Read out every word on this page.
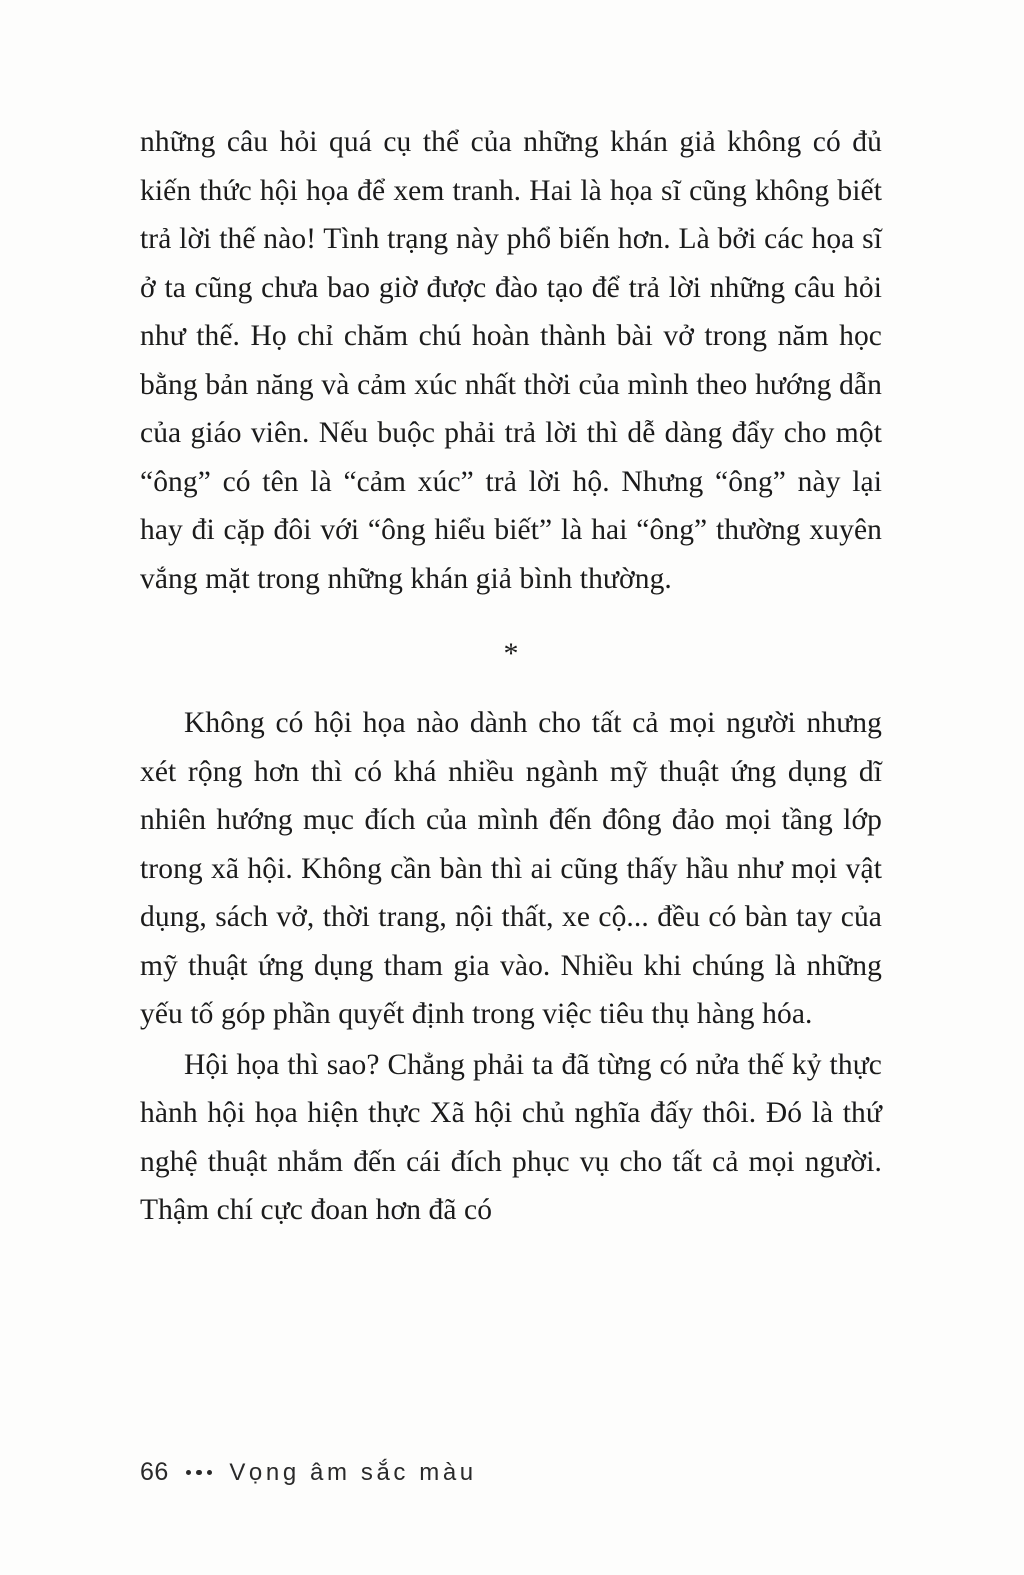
những câu hỏi quá cụ thể của những khán giả không có đủ kiến thức hội họa để xem tranh. Hai là họa sĩ cũng không biết trả lời thế nào! Tình trạng này phổ biến hơn. Là bởi các họa sĩ ở ta cũng chưa bao giờ được đào tạo để trả lời những câu hỏi như thế. Họ chỉ chăm chú hoàn thành bài vở trong năm học bằng bản năng và cảm xúc nhất thời của mình theo hướng dẫn của giáo viên. Nếu buộc phải trả lời thì dễ dàng đẩy cho một “ông” có tên là “cảm xúc” trả lời hộ. Nhưng “ông” này lại hay đi cặp đôi với “ông hiểu biết” là hai “ông” thường xuyên vắng mặt trong những khán giả bình thường.

*

Không có hội họa nào dành cho tất cả mọi người nhưng xét rộng hơn thì có khá nhiều ngành mỹ thuật ứng dụng dĩ nhiên hướng mục đích của mình đến đông đảo mọi tầng lớp trong xã hội. Không cần bàn thì ai cũng thấy hầu như mọi vật dụng, sách vở, thời trang, nội thất, xe cộ... đều có bàn tay của mỹ thuật ứng dụng tham gia vào. Nhiều khi chúng là những yếu tố góp phần quyết định trong việc tiêu thụ hàng hóa.

Hội họa thì sao? Chẳng phải ta đã từng có nửa thế kỷ thực hành hội họa hiện thực Xã hội chủ nghĩa đấy thôi. Đó là thứ nghệ thuật nhắm đến cái đích phục vụ cho tất cả mọi người. Thậm chí cực đoan hơn đã có

66	Vọng âm sắc màu
